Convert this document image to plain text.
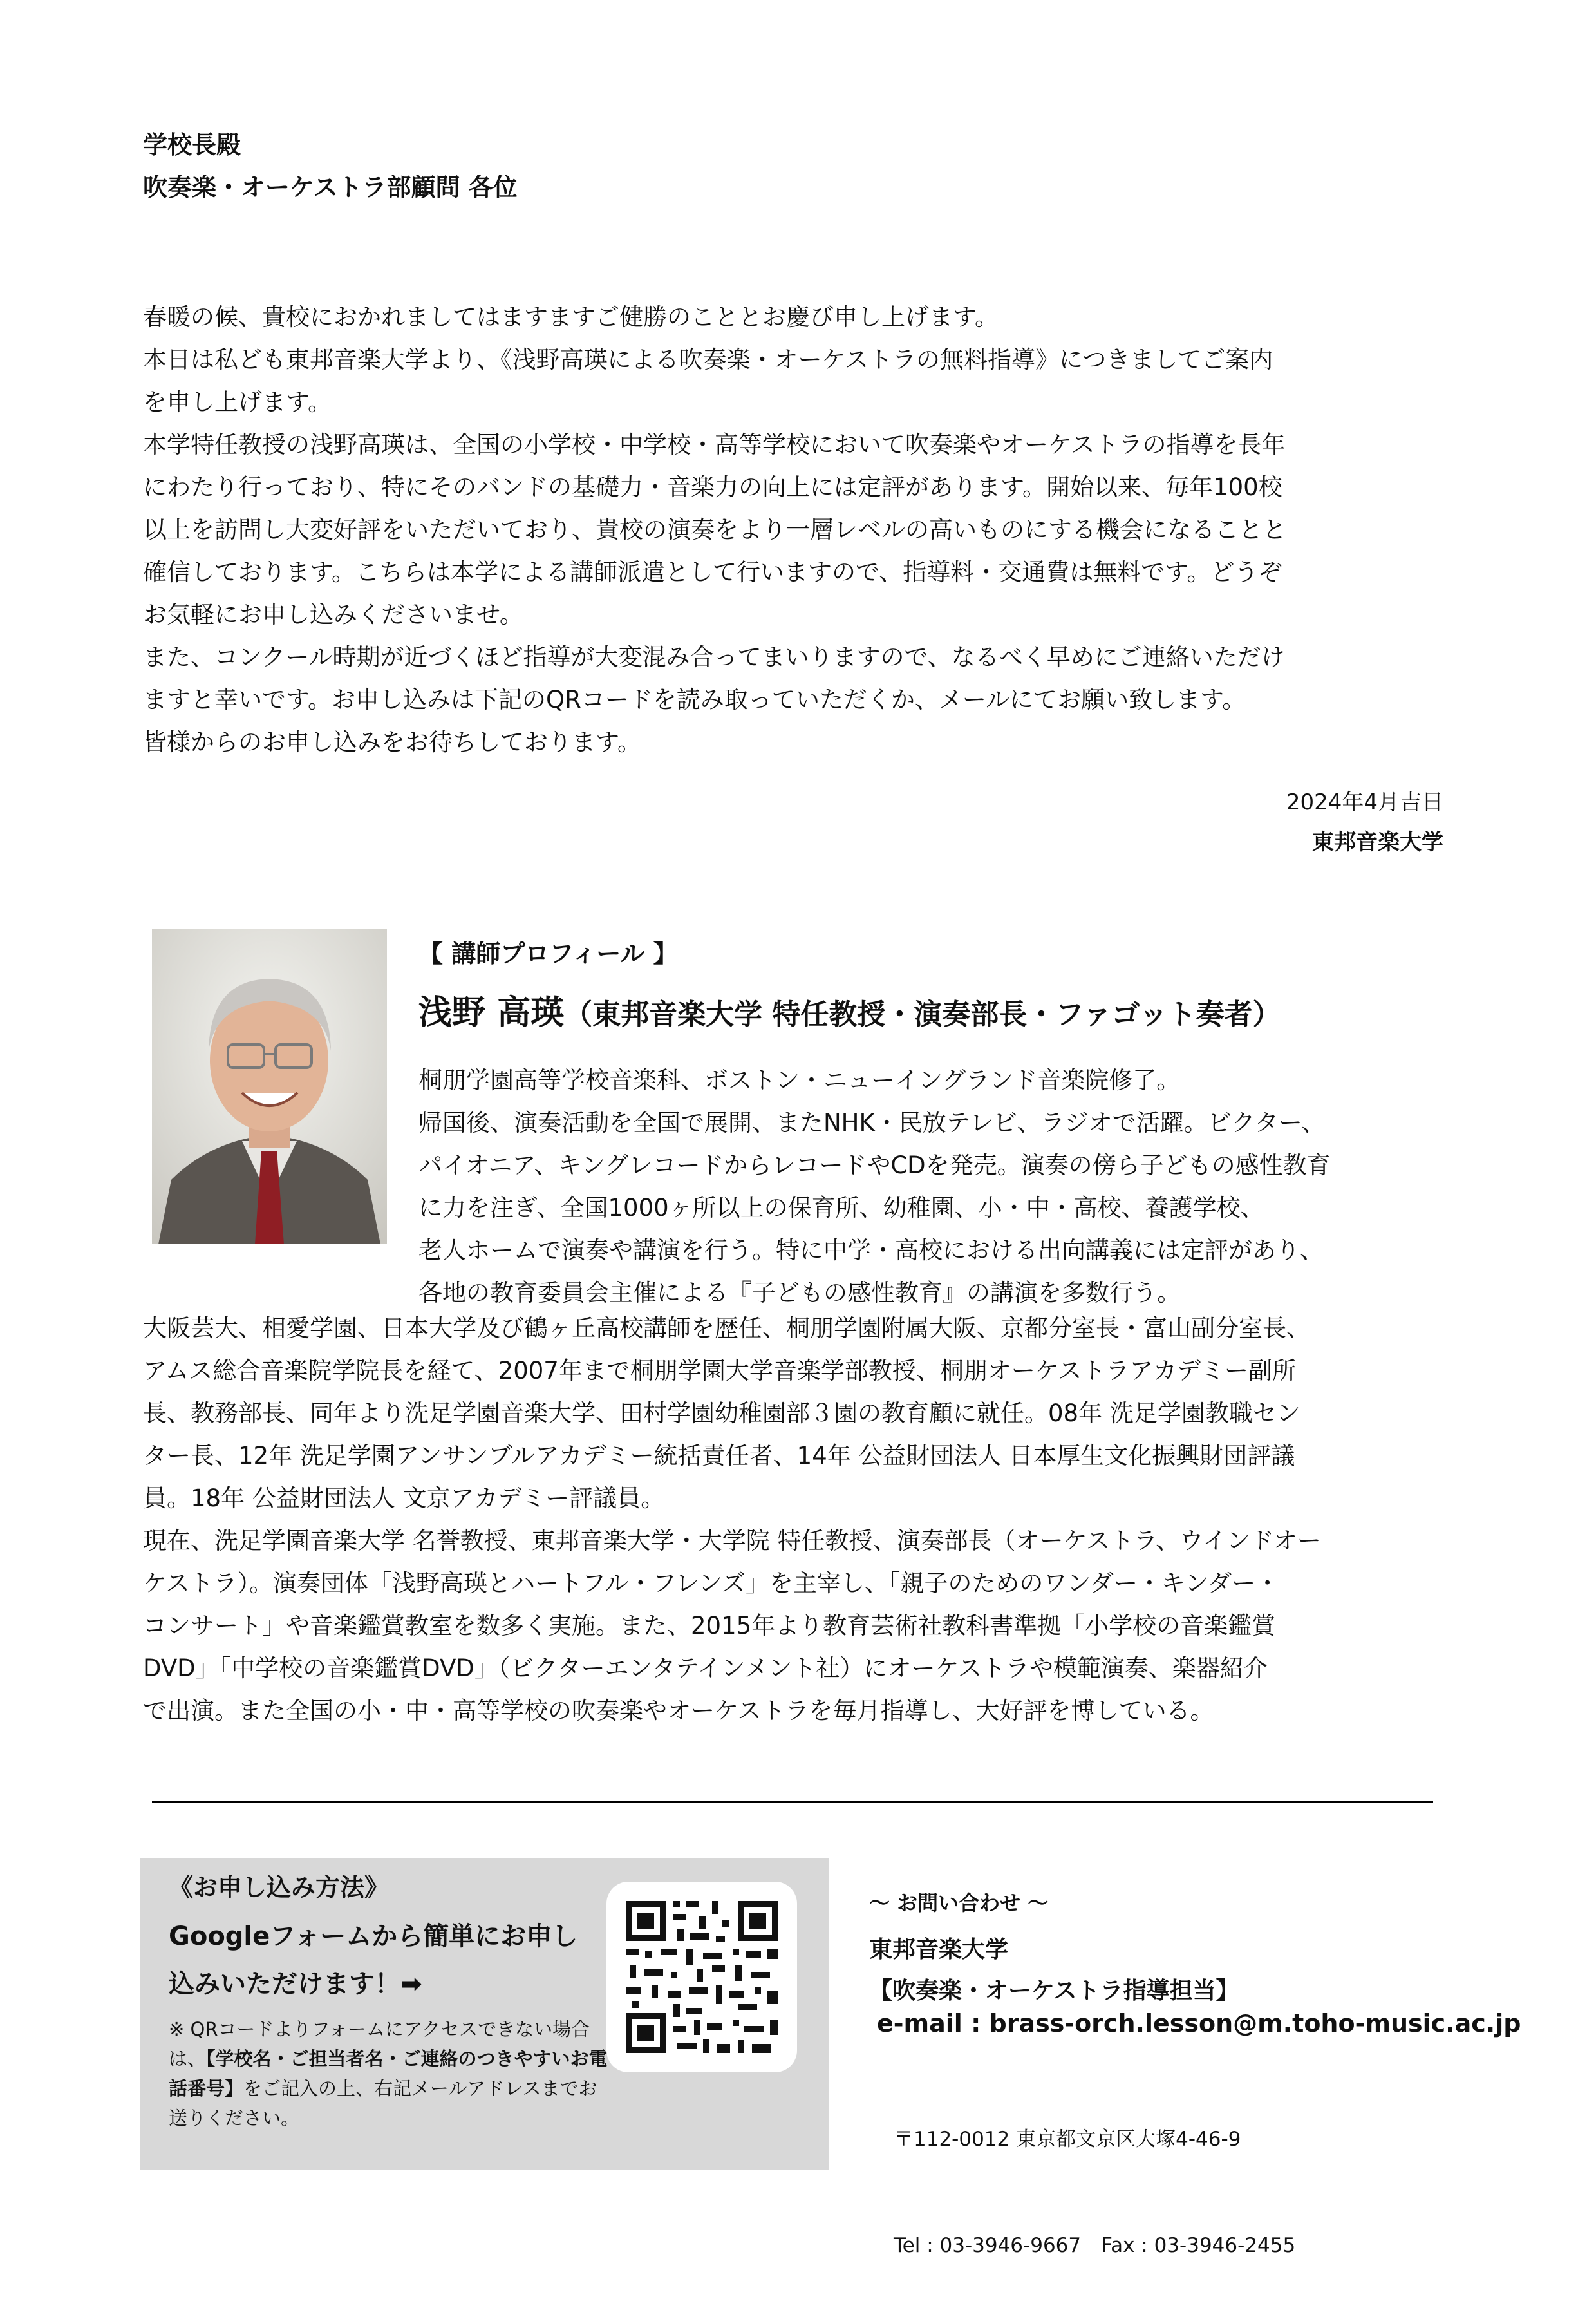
学校長殿
吹奏楽・オーケストラ部顧問 各位
春暖の候、貴校におかれましてはますますご健勝のこととお慶び申し上げます。
本日は私ども東邦音楽大学より、《浅野高瑛による吹奏楽・オーケストラの無料指導》につきましてご案内
を申し上げます。
本学特任教授の浅野高瑛は、全国の小学校・中学校・高等学校において吹奏楽やオーケストラの指導を長年
にわたり行っており、特にそのバンドの基礎力・音楽力の向上には定評があります。開始以来、毎年100校
以上を訪問し大変好評をいただいており、貴校の演奏をより一層レベルの高いものにする機会になることと
確信しております。こちらは本学による講師派遣として行いますので、指導料・交通費は無料です。どうぞ
お気軽にお申し込みくださいませ。
また、コンクール時期が近づくほど指導が大変混み合ってまいりますので、なるべく早めにご連絡いただけ
ますと幸いです。お申し込みは下記のQRコードを読み取っていただくか、メールにてお願い致します。
皆様からのお申し込みをお待ちしております。
2024年4月吉日
東邦音楽大学
【 講師プロフィール 】
浅野 高瑛（東邦音楽大学 特任教授・演奏部長・ファゴット奏者）
桐朋学園高等学校音楽科、ボストン・ニューイングランド音楽院修了。
帰国後、演奏活動を全国で展開、またNHK・民放テレビ、ラジオで活躍。ビクター、
パイオニア、キングレコードからレコードやCDを発売。演奏の傍ら子どもの感性教育
に力を注ぎ、全国1000ヶ所以上の保育所、幼稚園、小・中・高校、養護学校、
老人ホームで演奏や講演を行う。特に中学・高校における出向講義には定評があり、
各地の教育委員会主催による『子どもの感性教育』の講演を多数行う。
大阪芸大、相愛学園、日本大学及び鶴ヶ丘高校講師を歴任、桐朋学園附属大阪、京都分室長・富山副分室長、
アムス総合音楽院学院長を経て、2007年まで桐朋学園大学音楽学部教授、桐朋オーケストラアカデミー副所
長、教務部長、同年より洗足学園音楽大学、田村学園幼稚園部３園の教育顧に就任。08年 洗足学園教職セン
ター長、12年 洗足学園アンサンブルアカデミー統括責任者、14年 公益財団法人 日本厚生文化振興財団評議
員。18年 公益財団法人 文京アカデミー評議員。
現在、洗足学園音楽大学 名誉教授、東邦音楽大学・大学院 特任教授、演奏部長（オーケストラ、ウインドオー
ケストラ）。演奏団体「浅野高瑛とハートフル・フレンズ」を主宰し、「親子のためのワンダー・キンダー・
コンサート」や音楽鑑賞教室を数多く実施。また、2015年より教育芸術社教科書準拠「小学校の音楽鑑賞
DVD」「中学校の音楽鑑賞DVD」（ビクターエンタテインメント社）にオーケストラや模範演奏、楽器紹介
で出演。また全国の小・中・高等学校の吹奏楽やオーケストラを毎月指導し、大好評を博している。
《お申し込み方法》
Googleフォームから簡単にお申し込みいただけます！➡
※ QRコードよりフォームにアクセスできない場合は、【学校名・ご担当者名・ご連絡のつきやすいお電話番号】をご記入の上、右記メールアドレスまでお送りください。
〜 お問い合わせ 〜
東邦音楽大学
【吹奏楽・オーケストラ指導担当】
e-mail : brass-orch.lesson@m.toho-music.ac.jp

〒112-0012 東京都文京区大塚4-46-9

Tel : 03-3946-9667　Fax : 03-3946-2455
